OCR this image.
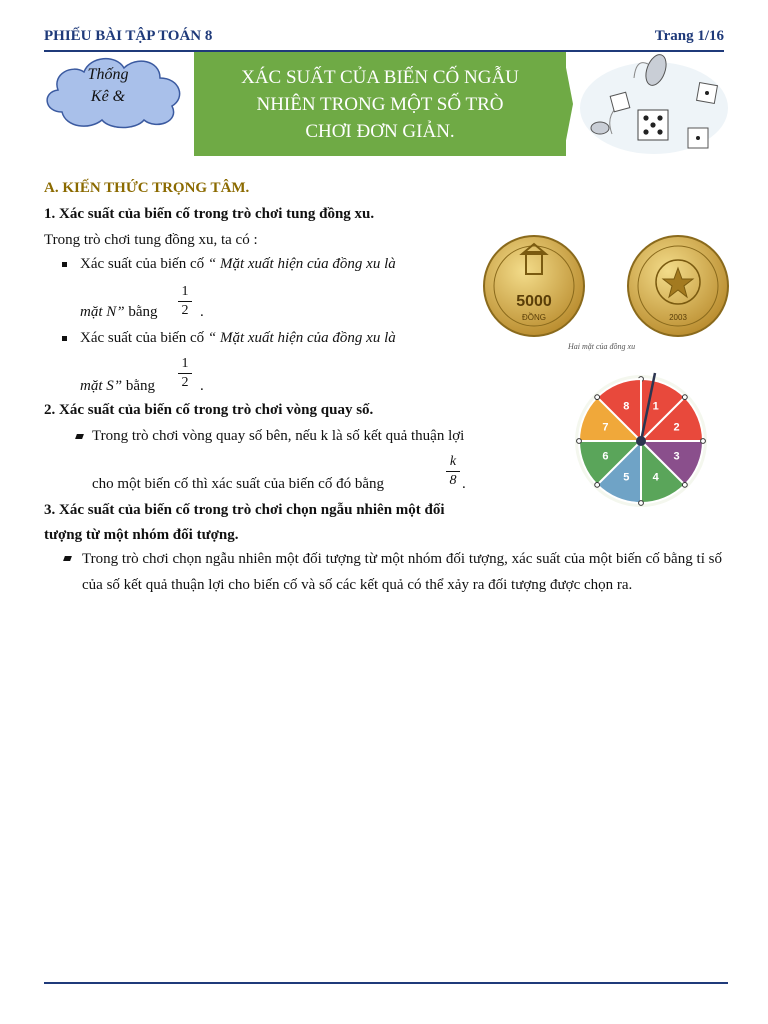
PHIẾU BÀI TẬP TOÁN 8	Trang 1/16
Thống
Kê &
XÁC SUẤT CỦA BIẾN CỐ NGẪU
NHIÊN TRONG MỘT SỐ TRÒ
CHƠI ĐƠN GIẢN.
A. KIẾN THỨC TRỌNG TÂM.
1. Xác suất của biến cố trong trò chơi tung đồng xu.
Trong trò chơi tung đồng xu, ta có :
Xác suất của biến cố “ Mặt xuất hiện của đồng xu là
mặt N” bằng
1
2 .
Xác suất của biến cố “ Mặt xuất hiện của đồng xu là
mặt S” bằng
1
2 .
5000
ĐỒNG	2003
Hai mặt của đồng xu
2. Xác suất của biến cố trong trò chơi vòng quay số.
Trong trò chơi vòng quay số bên, nếu k là số kết quả thuận lợi
cho một biến cố thì xác suất của biến cố đó bằng
k
8 .
1
2
3
4
5
6
7
8
3. Xác suất của biến cố trong trò chơi chọn ngẫu nhiên một đối
tượng từ một nhóm đối tượng.
Trong trò chơi chọn ngẫu nhiên một đối tượng từ một nhóm đối tượng, xác suất của một biến cố bằng tỉ số của số kết quả thuận lợi cho biến cố và số các kết quả có thể xảy ra đối tượng được chọn ra.
